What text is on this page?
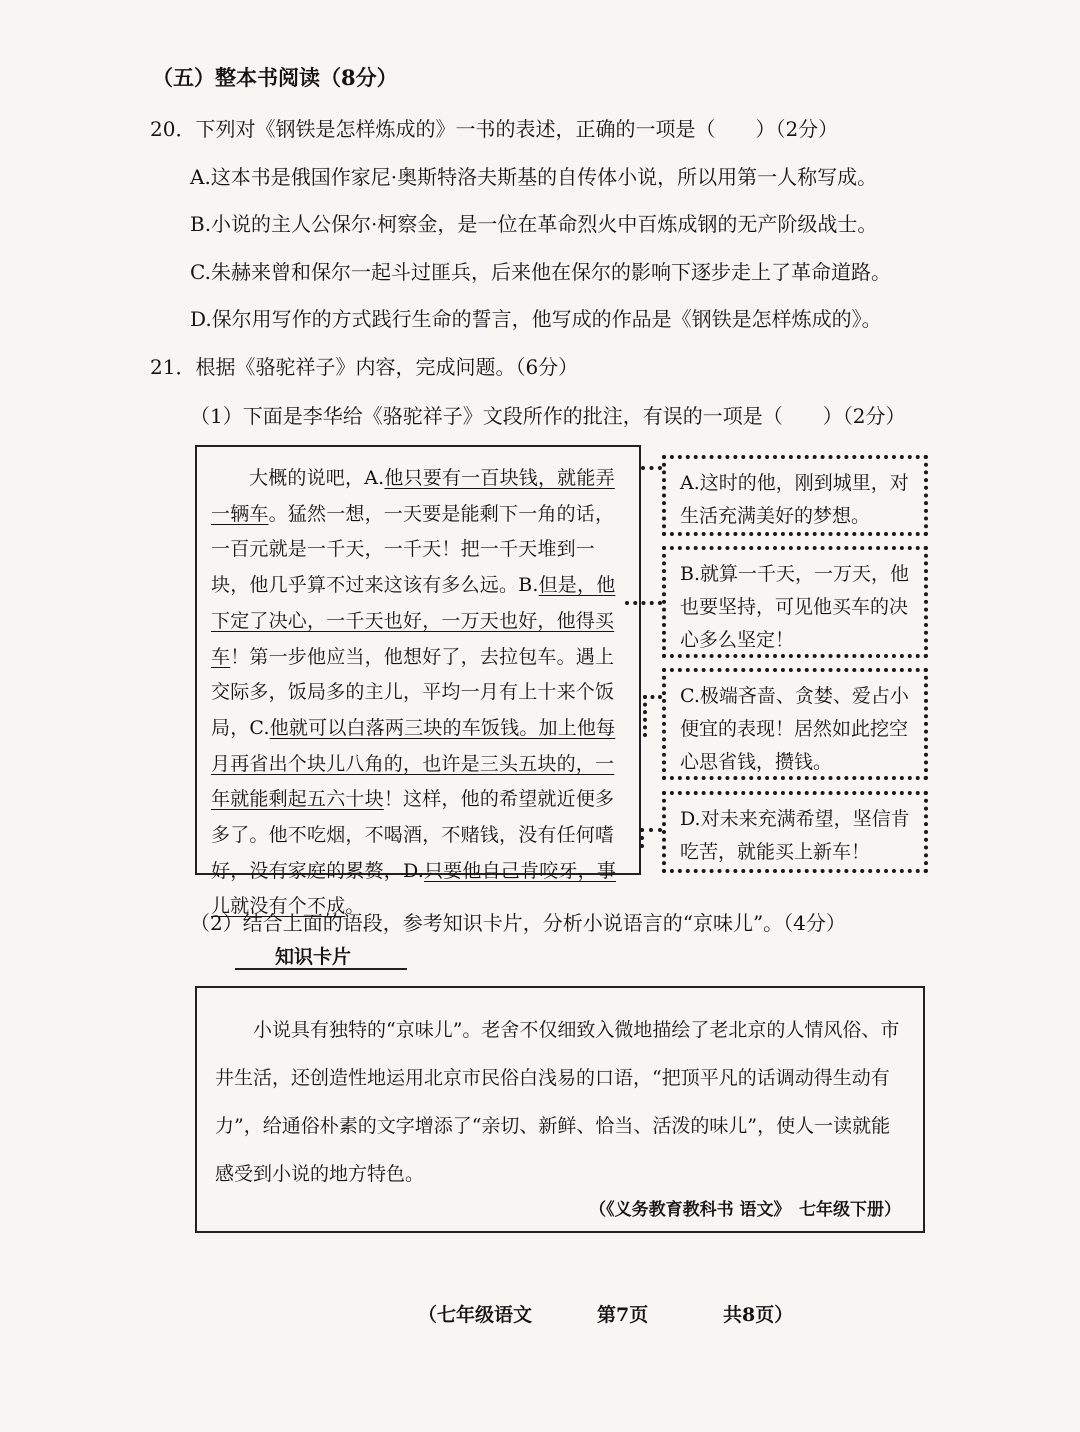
（五）整本书阅读（8分）
20．下列对《钢铁是怎样炼成的》一书的表述，正确的一项是（　　）（2分）
A.这本书是俄国作家尼·奥斯特洛夫斯基的自传体小说，所以用第一人称写成。
B.小说的主人公保尔·柯察金，是一位在革命烈火中百炼成钢的无产阶级战士。
C.朱赫来曾和保尔一起斗过匪兵，后来他在保尔的影响下逐步走上了革命道路。
D.保尔用写作的方式践行生命的誓言，他写成的作品是《钢铁是怎样炼成的》。
21．根据《骆驼祥子》内容，完成问题。（6分）
（1）下面是李华给《骆驼祥子》文段所作的批注，有误的一项是（　　）（2分）

大概的说吧，A.他只要有一百块钱，就能弄一辆车。猛然一想，一天要是能剩下一角的话，一百元就是一千天，一千天！把一千天堆到一块，他几乎算不过来这该有多么远。B.但是，他下定了决心，一千天也好，一万天也好，他得买车！第一步他应当，他想好了，去拉包车。遇上交际多，饭局多的主儿，平均一月有上十来个饭局，C.他就可以白落两三块的车饭钱。加上他每月再省出个块儿八角的，也许是三头五块的，一年就能剩起五六十块！这样，他的希望就近便多多了。他不吃烟，不喝酒，不赌钱，没有任何嗜好，没有家庭的累赘，D.只要他自己肯咬牙，事儿就没有个不成。

A.这时的他，刚到城里，对生活充满美好的梦想。

B.就算一千天，一万天，他也要坚持，可见他买车的决心多么坚定！

C.极端吝啬、贪婪、爱占小便宜的表现！居然如此挖空心思省钱，攒钱。

D.对未来充满希望，坚信肯吃苦，就能买上新车！

（2）结合上面的语段，参考知识卡片，分析小说语言的“京味儿”。（4分）
知识卡片

小说具有独特的“京味儿”。老舍不仅细致入微地描绘了老北京的人情风俗、市井生活，还创造性地运用北京市民俗白浅易的口语，“把顶平凡的话调动得生动有力”，给通俗朴素的文字增添了“亲切、新鲜、恰当、活泼的味儿”，使人一读就能感受到小说的地方特色。

（《义务教育教科书 语文》　七年级下册）
（七年级语文	第7页	共8页）
